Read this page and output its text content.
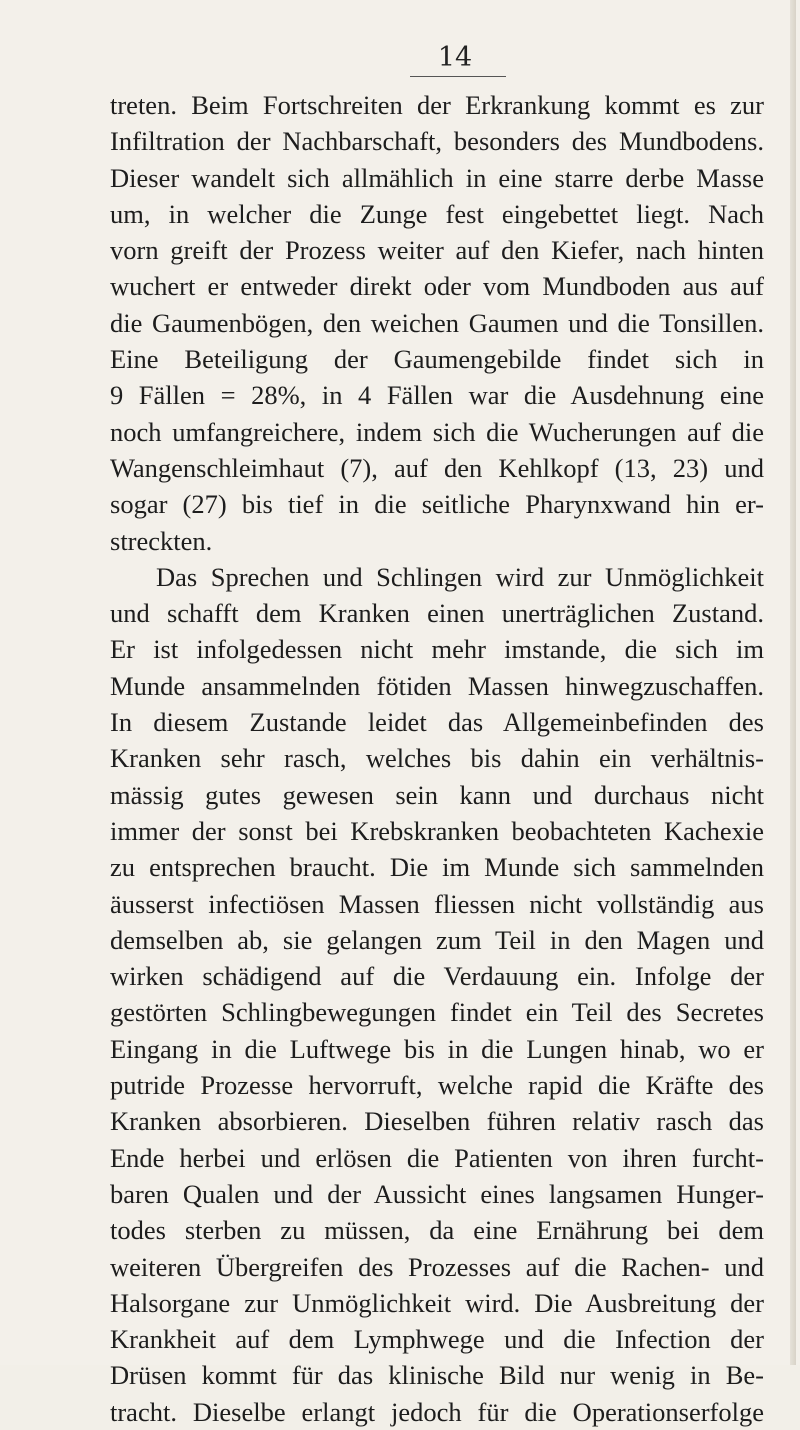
14
treten. Beim Fortschreiten der Erkrankung kommt es zur
Infiltration der Nachbarschaft, besonders des Mundbodens.
Dieser wandelt sich allmählich in eine starre derbe Masse
um, in welcher die Zunge fest eingebettet liegt. Nach
vorn greift der Prozess weiter auf den Kiefer, nach hinten
wuchert er entweder direkt oder vom Mundboden aus auf
die Gaumenbögen, den weichen Gaumen und die Tonsillen.
Eine Beteiligung der Gaumengebilde findet sich in
9 Fällen = 28%, in 4 Fällen war die Ausdehnung eine
noch umfangreichere, indem sich die Wucherungen auf die
Wangenschleimhaut (7), auf den Kehlkopf (13, 23) und
sogar (27) bis tief in die seitliche Pharynxwand hin er-
streckten.
Das Sprechen und Schlingen wird zur Unmöglichkeit
und schafft dem Kranken einen unerträglichen Zustand.
Er ist infolgedessen nicht mehr imstande, die sich im
Munde ansammelnden fötiden Massen hinwegzuschaffen.
In diesem Zustande leidet das Allgemeinbefinden des
Kranken sehr rasch, welches bis dahin ein verhältnis-
mässig gutes gewesen sein kann und durchaus nicht
immer der sonst bei Krebskranken beobachteten Kachexie
zu entsprechen braucht. Die im Munde sich sammelnden
äusserst infectiösen Massen fliessen nicht vollständig aus
demselben ab, sie gelangen zum Teil in den Magen und
wirken schädigend auf die Verdauung ein. Infolge der
gestörten Schlingbewegungen findet ein Teil des Secretes
Eingang in die Luftwege bis in die Lungen hinab, wo er
putride Prozesse hervorruft, welche rapid die Kräfte des
Kranken absorbieren. Dieselben führen relativ rasch das
Ende herbei und erlösen die Patienten von ihren furcht-
baren Qualen und der Aussicht eines langsamen Hunger-
todes sterben zu müssen, da eine Ernährung bei dem
weiteren Übergreifen des Prozesses auf die Rachen- und
Halsorgane zur Unmöglichkeit wird. Die Ausbreitung der
Krankheit auf dem Lymphwege und die Infection der
Drüsen kommt für das klinische Bild nur wenig in Be-
tracht. Dieselbe erlangt jedoch für die Operationserfolge
